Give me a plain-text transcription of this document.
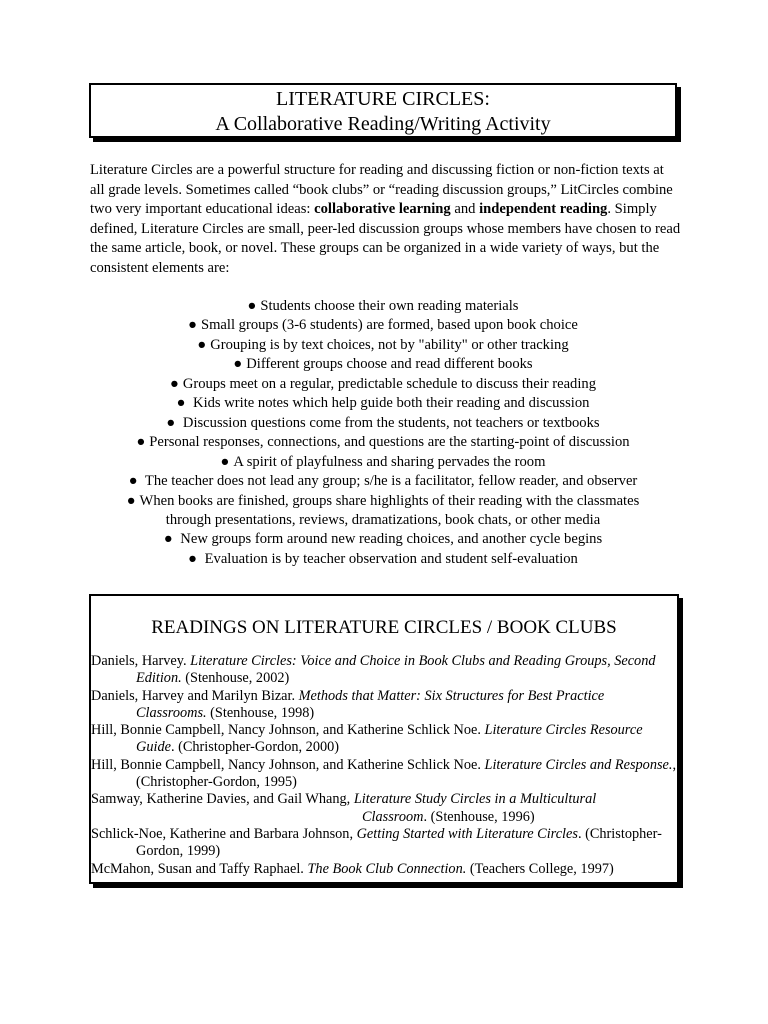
LITERATURE CIRCLES:
A Collaborative Reading/Writing Activity

Literature Circles are a powerful structure for reading and discussing fiction or non-fiction texts at all grade levels. Sometimes called “book clubs” or “reading discussion groups,” LitCircles combine two very important educational ideas: collaborative learning and independent reading. Simply defined, Literature Circles are small, peer-led discussion groups whose members have chosen to read the same article, book, or novel. These groups can be organized in a wide variety of ways, but the consistent elements are:

● Students choose their own reading materials
● Small groups (3-6 students) are formed, based upon book choice
● Grouping is by text choices, not by "ability" or other tracking
● Different groups choose and read different books
● Groups meet on a regular, predictable schedule to discuss their reading
● Kids write notes which help guide both their reading and discussion
● Discussion questions come from the students, not teachers or textbooks
● Personal responses, connections, and questions are the starting-point of discussion
● A spirit of playfulness and sharing pervades the room
● The teacher does not lead any group; s/he is a facilitator, fellow reader, and observer
● When books are finished, groups share highlights of their reading with the classmates
through presentations, reviews, dramatizations, book chats, or other media
● New groups form around new reading choices, and another cycle begins
● Evaluation is by teacher observation and student self-evaluation
READINGS ON LITERATURE CIRCLES / BOOK CLUBS
Daniels, Harvey. Literature Circles: Voice and Choice in Book Clubs and Reading Groups, Second Edition. (Stenhouse, 2002)
Daniels, Harvey and Marilyn Bizar. Methods that Matter: Six Structures for Best Practice Classrooms. (Stenhouse, 1998)
Hill, Bonnie Campbell, Nancy Johnson, and Katherine Schlick Noe. Literature Circles Resource Guide. (Christopher-Gordon, 2000)
Hill, Bonnie Campbell, Nancy Johnson, and Katherine Schlick Noe. Literature Circles and Response., (Christopher-Gordon, 1995)
Samway, Katherine Davies, and Gail Whang, Literature Study Circles in a Multicultural
Classroom. (Stenhouse, 1996)
Schlick-Noe, Katherine and Barbara Johnson, Getting Started with Literature Circles. (Christopher-Gordon, 1999)
McMahon, Susan and Taffy Raphael. The Book Club Connection. (Teachers College, 1997)
